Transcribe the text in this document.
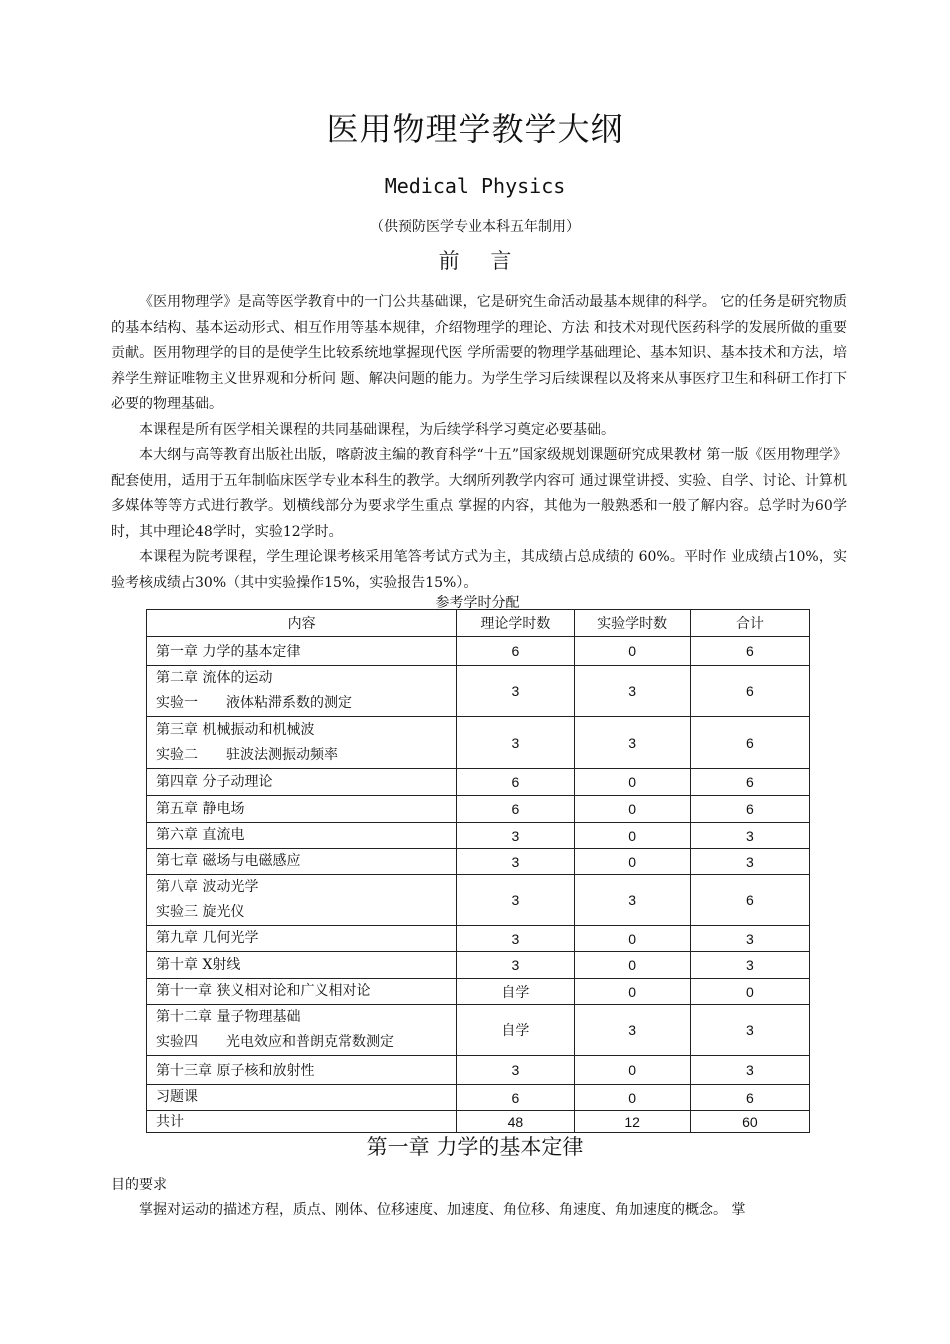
医用物理学教学大纲
Medical Physics
（供预防医学专业本科五年制用）
前 言

《医用物理学》是高等医学教育中的一门公共基础课，它是研究生命活动最基本规律的科学。 它的任务是研究物质的基本结构、基本运动形式、相互作用等基本规律，介绍物理学的理论、方法 和技术对现代医药科学的发展所做的重要贡献。医用物理学的目的是使学生比较系统地掌握现代医 学所需要的物理学基础理论、基本知识、基本技术和方法，培养学生辩证唯物主义世界观和分析问 题、解决问题的能力。为学生学习后续课程以及将来从事医疗卫生和科研工作打下必要的物理基础。

本课程是所有医学相关课程的共同基础课程，为后续学科学习奠定必要基础。

本大纲与高等教育出版社出版，喀蔚波主编的教育科学“十五”国家级规划课题研究成果教材 第一版《医用物理学》配套使用，适用于五年制临床医学专业本科生的教学。大纲所列教学内容可 通过课堂讲授、实验、自学、讨论、计算机多媒体等等方式进行教学。划横线部分为要求学生重点 掌握的内容，其他为一般熟悉和一般了解内容。总学时为60学时，其中理论48学时，实验12学时。

本课程为院考课程，学生理论课考核采用笔答考试方式为主，其成绩占总成绩的 60%。平时作 业成绩占10%，实验考核成绩占30%（其中实验操作15%，实验报告15%）。

参考学时分配
内容	理论学时数	实验学时数	合计
第一章 力学的基本定律	6	0	6

第二章 流体的运动
实验一　　液体粘滞系数的测定	3	3	6

第三章 机械振动和机械波
实验二　　驻波法测振动频率	3	3	6
第四章 分子动理论	6	0	6
第五章 静电场	6	0	6
第六章 直流电	3	0	3
第七章 磁场与电磁感应	3	0	3

第八章 波动光学
实验三 旋光仪	3	3	6
第九章 几何光学	3	0	3
第十章 X射线	3	0	3
第十一章 狭义相对论和广义相对论	自学	0	0

第十二章 量子物理基础
实验四　　光电效应和普朗克常数测定	自学	3	3
第十三章 原子核和放射性	3	0	3
习题课	6	0	6
共计	48	12	60
第一章 力学的基本定律
目的要求
掌握对运动的描述方程，质点、刚体、位移速度、加速度、角位移、角速度、角加速度的概念。 掌
